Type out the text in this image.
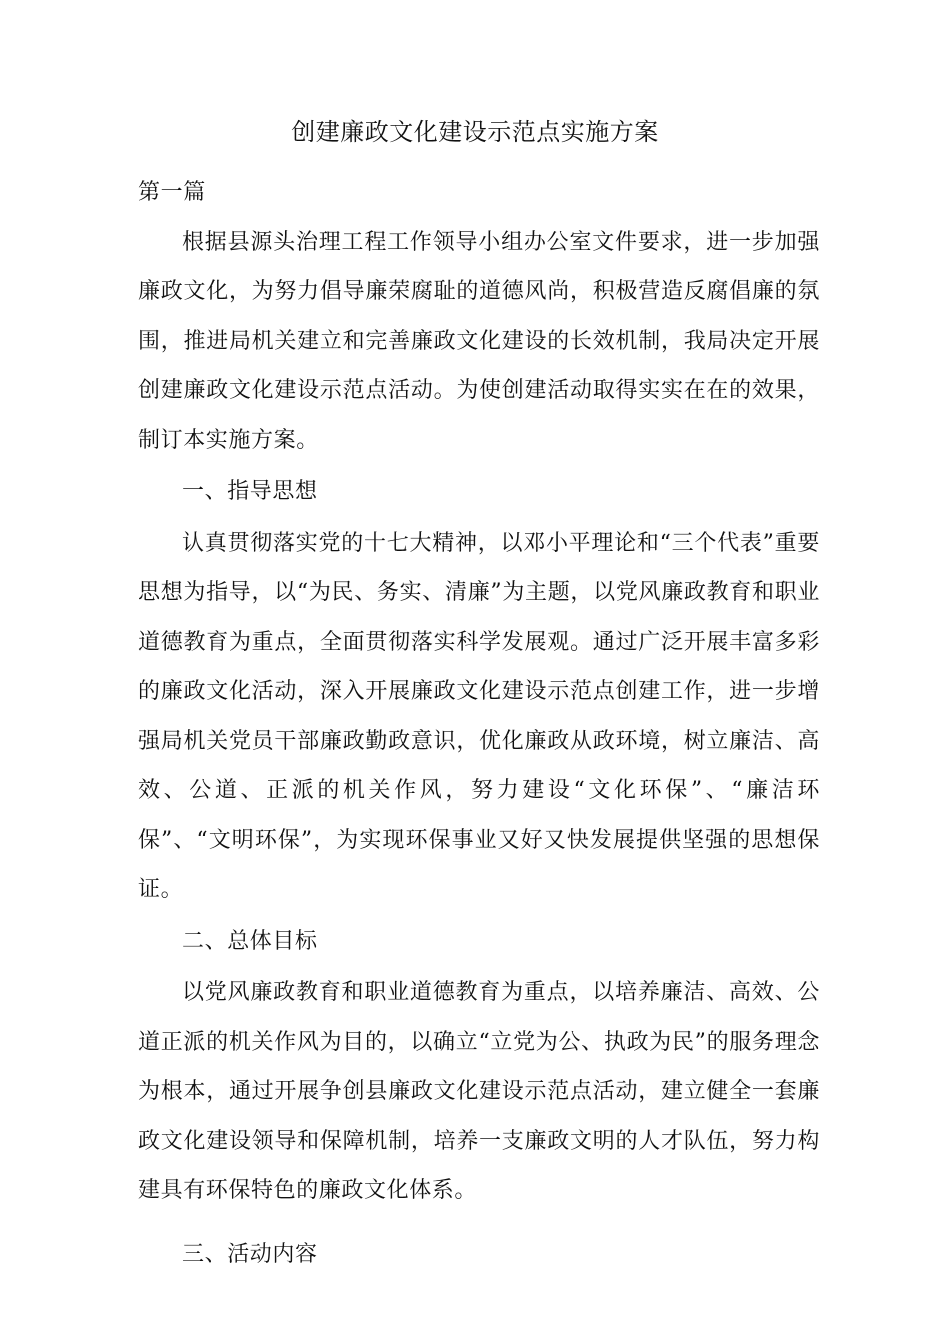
创建廉政文化建设示范点实施方案

第一篇

根据县源头治理工程工作领导小组办公室文件要求，进一步加强廉政文化，为努力倡导廉荣腐耻的道德风尚，积极营造反腐倡廉的氛围，推进局机关建立和完善廉政文化建设的长效机制，我局决定开展创建廉政文化建设示范点活动。为使创建活动取得实实在在的效果，制订本实施方案。

一、指导思想

认真贯彻落实党的十七大精神，以邓小平理论和“三个代表”重要思想为指导，以“为民、务实、清廉”为主题，以党风廉政教育和职业道德教育为重点，全面贯彻落实科学发展观。通过广泛开展丰富多彩的廉政文化活动，深入开展廉政文化建设示范点创建工作，进一步增强局机关党员干部廉政勤政意识，优化廉政从政环境，树立廉洁、高效、公道、正派的机关作风，努力建设“文化环保”、“廉洁环保”、“文明环保”，为实现环保事业又好又快发展提供坚强的思想保证。

二、总体目标

以党风廉政教育和职业道德教育为重点，以培养廉洁、高效、公道正派的机关作风为目的，以确立“立党为公、执政为民”的服务理念为根本，通过开展争创县廉政文化建设示范点活动，建立健全一套廉政文化建设领导和保障机制，培养一支廉政文明的人才队伍，努力构建具有环保特色的廉政文化体系。

三、活动内容
